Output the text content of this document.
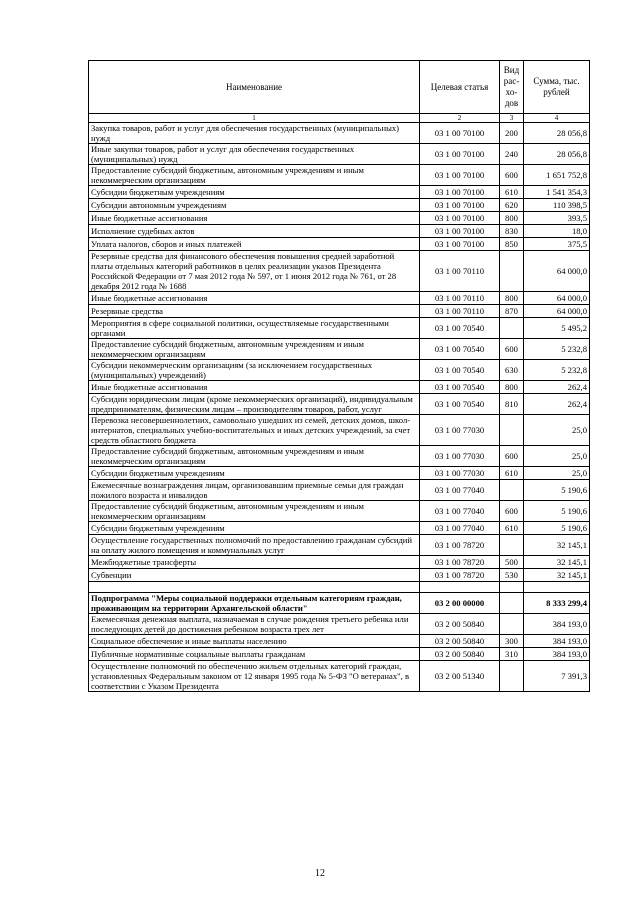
Наименование	Целевая статья	Вид рас-хо-дов	Сумма, тыс. рублей
1	2	3	4
Закупка товаров, работ и услуг для обеспечения государственных (муниципальных) нужд	03 1 00 70100	200	28 056,8
Иные закупки товаров, работ и услуг для обеспечения государственных (муниципальных) нужд	03 1 00 70100	240	28 056,8
Предоставление субсидий бюджетным, автономным учреждениям и иным некоммерческим организациям	03 1 00 70100	600	1 651 752,8
Субсидии бюджетным учреждениям	03 1 00 70100	610	1 541 354,3
Субсидии автономным учреждениям	03 1 00 70100	620	110 398,5
Иные бюджетные ассигнования	03 1 00 70100	800	393,5
Исполнение судебных актов	03 1 00 70100	830	18,0
Уплата налогов, сборов и иных платежей	03 1 00 70100	850	375,5
Резервные средства для финансового обеспечения повышения средней заработной платы отдельных категорий работников в целях реализации указов Президента Российской Федерации от 7 мая 2012 года № 597, от 1 июня 2012 года № 761, от 28 декабря 2012 года № 1688	03 1 00 70110		64 000,0
Иные бюджетные ассигнования	03 1 00 70110	800	64 000,0
Резервные средства	03 1 00 70110	870	64 000,0
Мероприятия в сфере социальной политики, осуществляемые государственными органами	03 1 00 70540		5 495,2
Предоставление субсидий бюджетным, автономным учреждениям и иным некоммерческим организациям	03 1 00 70540	600	5 232,8
Субсидии некоммерческим организациям (за исключением государственных (муниципальных) учреждений)	03 1 00 70540	630	5 232,8
Иные бюджетные ассигнования	03 1 00 70540	800	262,4
Субсидии юридическим лицам (кроме некоммерческих организаций), индивидуальным предпринимателям, физическим лицам – производителям товаров, работ, услуг	03 1 00 70540	810	262,4
Перевозка несовершеннолетних, самовольно ушедших из семей, детских домов, школ-интернатов, специальных учебно-воспитательных и иных детских учреждений, за счет средств областного бюджета	03 1 00 77030		25,0
Предоставление субсидий бюджетным, автономным учреждениям и иным некоммерческим организациям	03 1 00 77030	600	25,0
Субсидии бюджетным учреждениям	03 1 00 77030	610	25,0
Ежемесячные вознаграждения лицам, организовавшим приемные семьи для граждан пожилого возраста и инвалидов	03 1 00 77040		5 190,6
Предоставление субсидий бюджетным, автономным учреждениям и иным некоммерческим организациям	03 1 00 77040	600	5 190,6
Субсидии бюджетным учреждениям	03 1 00 77040	610	5 190,6
Осуществление государственных полномочий по предоставлению гражданам субсидий на оплату жилого помещения и коммунальных услуг	03 1 00 78720		32 145,1
Межбюджетные трансферты	03 1 00 78720	500	32 145,1
Субвенции	03 1 00 78720	530	32 145,1

Подпрограмма "Меры социальной поддержки отдельным категориям граждан, проживающим на территории Архангельской области"	03 2 00 00000		8 333 299,4
Ежемесячная денежная выплата, назначаемая в случае рождения третьего ребенка или последующих детей до достижения ребенком возраста трех лет	03 2 00 50840		384 193,0
Социальное обеспечение и иные выплаты населению	03 2 00 50840	300	384 193,0
Публичные нормативные социальные выплаты гражданам	03 2 00 50840	310	384 193,0
Осуществление полномочий по обеспечению жильем отдельных категорий граждан, установленных Федеральным законом от 12 января 1995 года № 5-ФЗ "О ветеранах", в соответствии с Указом Президента	03 2 00 51340		7 391,3
12
